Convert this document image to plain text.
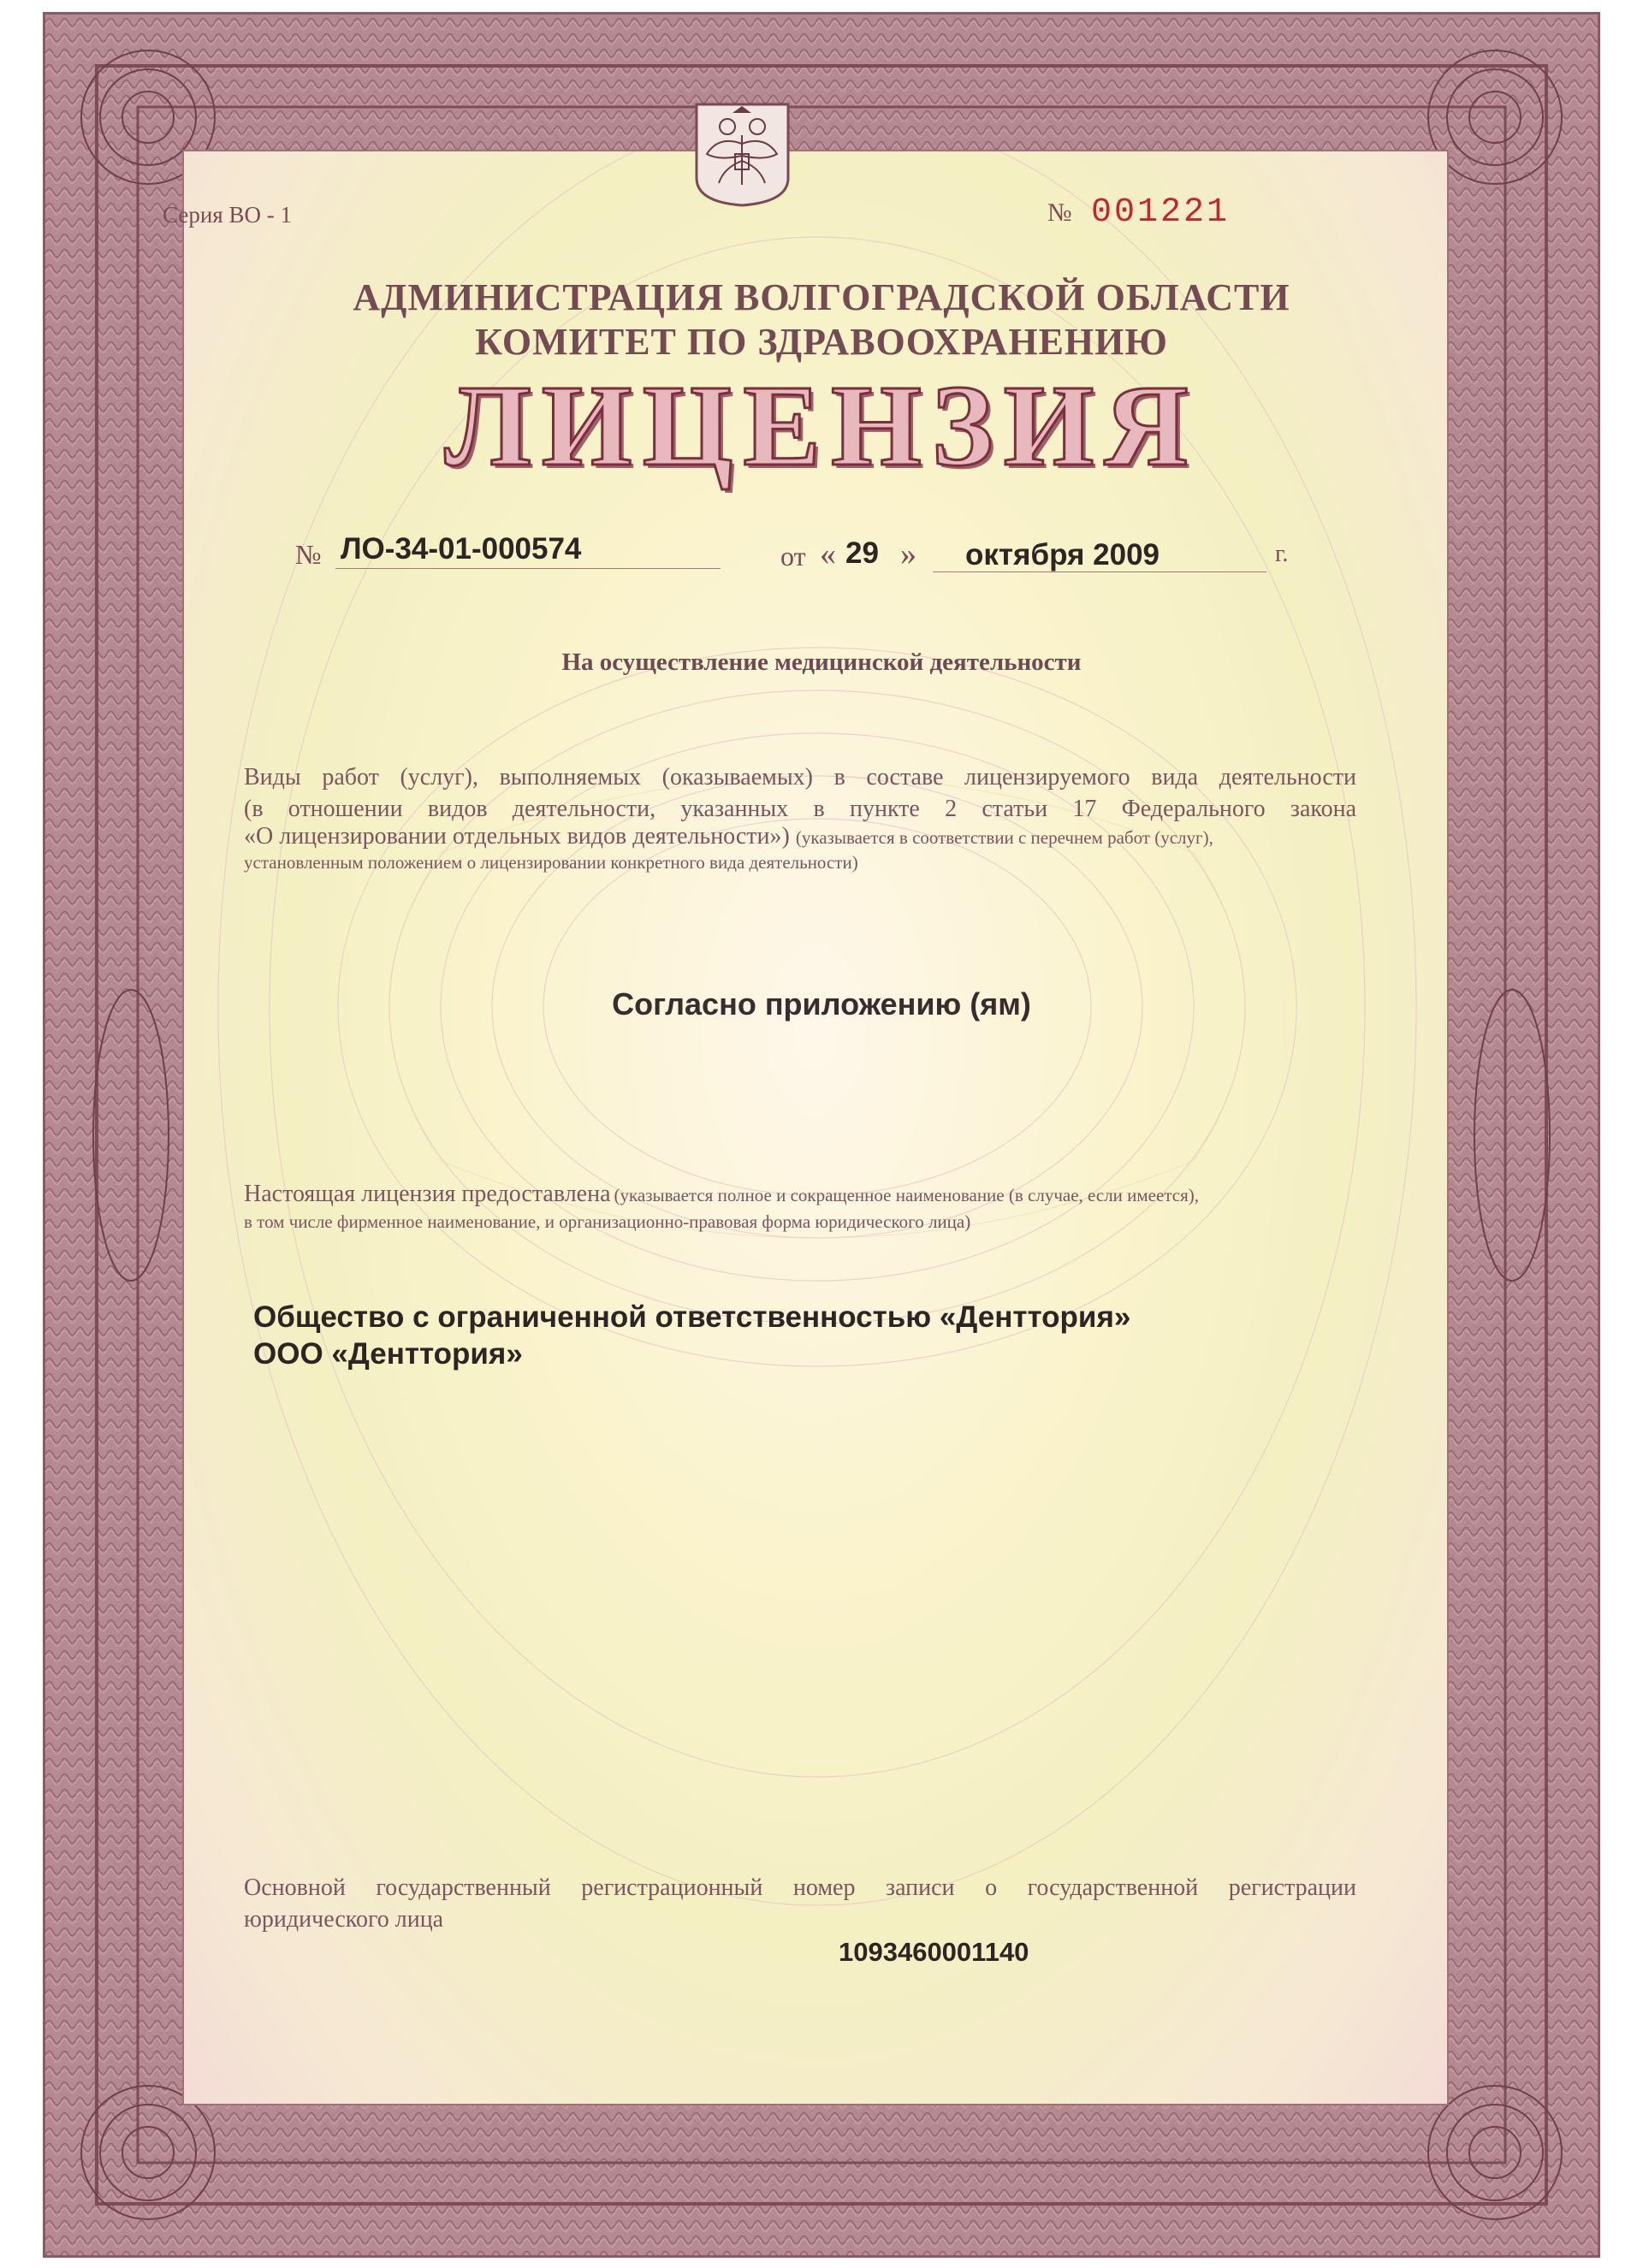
Серия ВО - 1	№ 001221
АДМИНИСТРАЦИЯ ВОЛГОГРАДСКОЙ ОБЛАСТИ
КОМИТЕТ ПО ЗДРАВООХРАНЕНИЮ
ЛИЦЕНЗИЯ
№ ЛО-34-01-000574	от « 29 » октября 2009	г.
На осуществление медицинской деятельности
Виды работ (услуг), выполняемых (оказываемых) в составе лицензируемого вида деятельности
(в отношении видов деятельности, указанных в пункте 2 статьи 17 Федерального закона
«О лицензировании отдельных видов деятельности») (указывается в соответствии с перечнем работ (услуг),
установленным положением о лицензировании конкретного вида деятельности)
Согласно приложению (ям)
Настоящая лицензия предоставлена (указывается полное и сокращенное наименование (в случае, если имеется),
в том числе фирменное наименование, и организационно-правовая форма юридического лица)
Общество с ограниченной ответственностью «Денттория»
ООО «Денттория»
Основной государственный регистрационный номер записи о государственной регистрации
юридического лица
1093460001140
